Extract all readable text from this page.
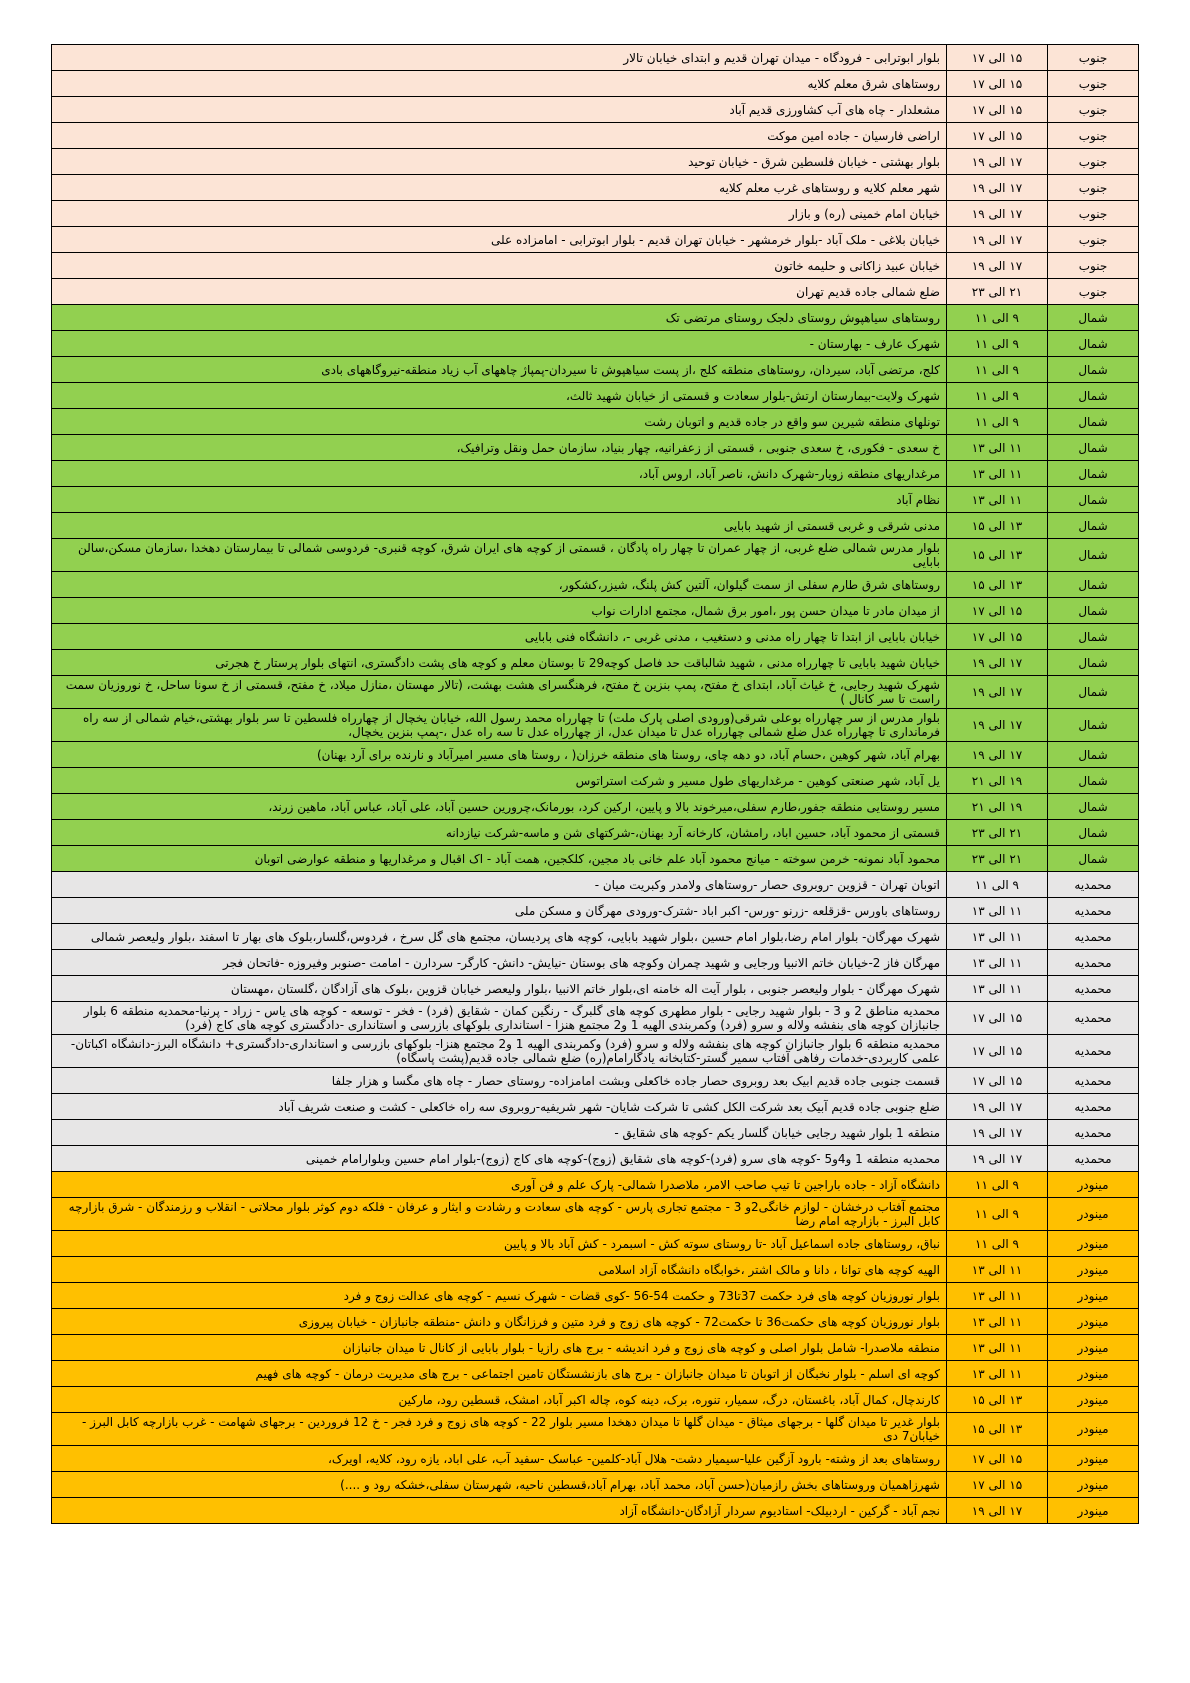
جنوب	۱۵ الی ۱۷	بلوار ابوترابی - فرودگاه - میدان تهران قدیم و ابتدای خیابان تالار
جنوب	۱۵ الی ۱۷	روستاهای شرق معلم کلایه
جنوب	۱۵ الی ۱۷	مشعلدار - چاه های آب کشاورزی قدیم آباد
جنوب	۱۵ الی ۱۷	اراضی فارسیان - جاده امین موکت
جنوب	۱۷ الی ۱۹	بلوار بهشتی - خیابان فلسطین شرق - خیابان توحید
جنوب	۱۷ الی ۱۹	شهر معلم کلایه و روستاهای غرب معلم کلایه
جنوب	۱۷ الی ۱۹	خیابان امام خمینی (ره) و بازار
جنوب	۱۷ الی ۱۹	خیابان بلاغی - ملک آباد -بلوار خرمشهر - خیابان تهران قدیم - بلوار ابوترابی - امامزاده علی
جنوب	۱۷ الی ۱۹	خیابان عبید زاکانی و حلیمه خاتون
جنوب	۲۱ الی ۲۳	ضلع شمالی جاده قدیم تهران
شمال	۹ الی ۱۱	روستاهای سیاهپوش روستای دلجک روستای مرتضی تک
شمال	۹ الی ۱۱	شهرک عارف - بهارستان -
شمال	۹ الی ۱۱	کلج، مرتضی آباد، سیردان، روستاهای منطقه کلج ،از پست سیاهپوش تا سیردان-پمپاژ چاههای آب زیاد منطقه-نیروگاههای بادی
شمال	۹ الی ۱۱	شهرک ولایت-بیمارستان ارتش-بلوار سعادت و قسمتی از خیابان شهید ثالث،
شمال	۹ الی ۱۱	تونلهای منطقه شیرین سو واقع در جاده قدیم و اتوبان رشت
شمال	۱۱ الی ۱۳	خ سعدی - فکوری، خ سعدی جنوبی ، قسمتی از زعفرانیه، چهار بنیاد، سازمان حمل ونقل وترافیک،
شمال	۱۱ الی ۱۳	مرغداریهای منطقه زویار-شهرک دانش، ناصر آباد، اروس آباد،
شمال	۱۱ الی ۱۳	نظام آباد
شمال	۱۳ الی ۱۵	مدنی شرقی و غربی قسمتی از شهید بابایی
شمال	۱۳ الی ۱۵	بلوار مدرس شمالی ضلع غربی، از چهار عمران تا چهار راه پادگان ، قسمتی از کوچه های ایران شرق، کوچه قنبری- فردوسی شمالی تا بیمارستان دهخدا ،سازمان مسکن،سالن بابایی
شمال	۱۳ الی ۱۵	روستاهای شرق طارم سفلی از سمت گیلوان، آلتین کش پلنگ، شیزر،کشکور،
شمال	۱۵ الی ۱۷	از میدان مادر تا میدان حسن پور ،امور برق شمال، مجتمع ادارات نواب
شمال	۱۵ الی ۱۷	خیابان بابایی از ابتدا تا چهار راه مدنی و دستغیب ، مدنی غربی -، دانشگاه فنی بابایی
شمال	۱۷ الی ۱۹	خیابان شهید بابایی تا چهارراه مدنی ، شهید شالباقت حد فاصل کوچه29 تا بوستان معلم و کوچه های پشت دادگستری، انتهای بلوار پرستار خ هجرتی
شمال	۱۷ الی ۱۹	شهرک شهید رجایی، خ غیاث آباد، ابتدای خ مفتح، پمپ بنزین خ مفتح، فرهنگسرای هشت بهشت، (تالار مهستان ،منازل میلاد، خ مفتح، قسمتی از خ سونا ساحل، خ نوروزیان سمت راست تا سر کانال )
شمال	۱۷ الی ۱۹	بلوار مدرس از سر چهارراه بوعلی شرقی(ورودی اصلی پارک ملت) تا چهارراه محمد رسول الله، خیابان یخچال از چهارراه فلسطین تا سر بلوار بهشتی،خیام شمالی از سه راه فرمانداری تا چهارراه عدل ضلع شمالی چهارراه عدل تا میدان عدل، از چهارراه عدل تا سه راه عدل ،-پمپ بنزین یخچال،
شمال	۱۷ الی ۱۹	بهرام آباد، شهر کوهین ،حسام آباد، دو دهه چای، روستا های منطقه خرزان( ، روستا های مسیر امیرآباد و نارنده برای آرد بهنان)
شمال	۱۹ الی ۲۱	یل آباد، شهر صنعتی کوهین - مرغداریهای طول مسیر و شرکت استراتوس
شمال	۱۹ الی ۲۱	مسیر روستایی منطقه جفور،طارم سفلی،میرخوند بالا و پایین، ارکین کرد، بورمانک،چرورین حسین آباد، علی آباد، عباس آباد، ماهین زرند،
شمال	۲۱ الی ۲۳	قسمتی از محمود آباد، حسین اباد، رامشان، کارخانه آرد بهنان،-شرکتهای شن و ماسه-شرکت نیازدانه
شمال	۲۱ الی ۲۳	محمود آباد نمونه- خرمن سوخته - میانج محمود آباد علم خانی باد مجین، کلکجین، همت آباد - اک اقبال و مرغداریها و منطقه عوارضی اتوبان
محمدیه	۹ الی ۱۱	اتوبان تهران - قزوین -روبروی حصار -روستاهای ولامدر وکبریت میان -
محمدیه	۱۱ الی ۱۳	روستاهای باورس -قزقلعه -زرنو -ورس- اکبر اباد -شترک-ورودی مهرگان و مسکن ملی
محمدیه	۱۱ الی ۱۳	شهرک مهرگان- بلوار امام رضا،بلوار امام حسین ،بلوار شهید بابایی، کوچه های پردیسان، مجتمع های گل سرخ ، فردوس،گلسار،بلوک های بهار تا اسفند ،بلوار ولیعصر شمالی
محمدیه	۱۱ الی ۱۳	مهرگان فاز 2-خیابان خاتم الانبیا ورجایی و شهید چمران وکوچه های بوستان -نیایش- دانش- کارگر- سردارن - امامت -صنوبر وفیروزه -فاتحان فجر
محمدیه	۱۱ الی ۱۳	شهرک مهرگان - بلوار ولیعصر جنوبی ، بلوار آیت اله خامنه ای،بلوار خاتم الانبیا ،بلوار ولیعصر خیابان قزوین ،بلوک های آزادگان ،گلستان ،مهستان
محمدیه	۱۵ الی ۱۷	محمدیه مناطق 2 و 3 - بلوار شهید رجایی - بلوار مطهری کوچه های گلبرگ - رنگین کمان - شقایق (فرد) - فخر - توسعه - کوچه های یاس - زراد - پرنیا-محمدیه منطقه 6 بلوار جانبازان کوچه های بنفشه ولاله و سرو (فرد) وکمربندی الهیه 1 و2 مجتمع هنزا - استانداری بلوکهای بازرسی و استانداری -دادگستری کوچه های کاج (فرد)
محمدیه	۱۵ الی ۱۷	محمدیه منطقه 6 بلوار جانبازان کوچه های بنفشه ولاله و سرو (فرد) وکمربندی الهیه 1 و2 مجتمع هنزا- بلوکهای بازرسی و استانداری-دادگستری+ دانشگاه البرز-دانشگاه اکباتان-علمی کاربردی-خدمات رفاهی آفتاب سمیر گستر-کتابخانه یادگارامام(ره) ضلع شمالی جاده قدیم(پشت پاسگاه)
محمدیه	۱۵ الی ۱۷	قسمت جنوبی جاده قدیم ابیک بعد روبروی حصار جاده خاکعلی وبشت امامزاده- روستای حصار - چاه های مگسا و هزار جلفا
محمدیه	۱۷ الی ۱۹	ضلع جنوبی جاده قدیم آبیک بعد شرکت الکل کشی تا شرکت شایان- شهر شریفیه-روبروی سه راه خاکعلی - کشت و صنعت شریف آباد
محمدیه	۱۷ الی ۱۹	منطقه 1 بلوار شهید رجایی خیابان گلسار یکم -کوچه های شقایق -
محمدیه	۱۷ الی ۱۹	محمدیه منطقه 1 و4و5 -کوچه های سرو (فرد)-کوچه های شقایق (زوج)-کوچه های کاج (زوج)-بلوار امام حسین وبلوارامام خمینی
مینودر	۹ الی ۱۱	دانشگاه آزاد - جاده باراجین تا تیپ صاحب الامر، ملاصدرا شمالی- پارک علم و فن آوری
مینودر	۹ الی ۱۱	مجتمع آفتاب درخشان - لوازم خانگی2و 3 - مجتمع تجاری پارس - کوچه های سعادت و رشادت و ایثار و عرفان - فلکه دوم کوثر بلوار محلاتی - انقلاب و رزمندگان - شرق بازارچه کابل البرز - بازارچه امام رضا
مینودر	۹ الی ۱۱	نباق، روستاهای جاده اسماعیل آباد -تا روستای سوته کش - اسبمرد - کش آباد بالا و پایین
مینودر	۱۱ الی ۱۳	الهیه کوچه های توانا ، دانا و مالک اشتر ،خوابگاه دانشگاه آزاد اسلامی
مینودر	۱۱ الی ۱۳	بلوار نوروزیان کوچه های فرد حکمت 37تا73 و حکمت 54-56 -کوی قضات - شهرک نسیم - کوچه های عدالت زوج و فرد
مینودر	۱۱ الی ۱۳	بلوار نوروزیان کوچه های حکمت36 تا حکمت72 - کوچه های زوج و فرد متین و فرزانگان و دانش -منطقه جانبازان - خیابان پیروزی
مینودر	۱۱ الی ۱۳	منطقه ملاصدرا- شامل بلوار اصلی و کوچه های زوج و فرد اندیشه - برج های رازیا - بلوار بابایی از کانال تا میدان جانبازان
مینودر	۱۱ الی ۱۳	کوچه ای اسلم - بلوار نخبگان از اتوبان تا میدان جانبازان - برج های بازنشستگان تامین اجتماعی - برج های مدیریت درمان - کوچه های فهیم
مینودر	۱۳ الی ۱۵	کارندچال، کمال آباد، باغستان، درگ، سمیار، تنوره، برک، دینه کوه، چاله اکبر آباد، امشک، قسطین رود، مارکین
مینودر	۱۳ الی ۱۵	بلوار غدیر تا میدان گلها - برجهای میثاق - میدان گلها تا میدان دهخدا مسیر بلوار 22 - کوچه های زوج و فرد فجر - خ 12 فروردین - برجهای شهامت - غرب بازارچه کابل البرز - خیابان7 دی
مینودر	۱۵ الی ۱۷	روستاهای بعد از وشته- بارود آزگین علیا-سیمیار دشت- هلال آباد-کلمین- عباسک -سفید آب، علی اباد، یازه رود، کلایه، اویرک،
مینودر	۱۵ الی ۱۷	شهرزاهمیان وروستاهای بخش رازمیان(حسن آباد، محمد آباد، بهرام آباد،قسطین ناحیه، شهرستان سفلی،خشکه رود و ....)
مینودر	۱۷ الی ۱۹	نجم آباد - گرکین - اردبیلک- استادیوم سردار آزادگان-دانشگاه آزاد
